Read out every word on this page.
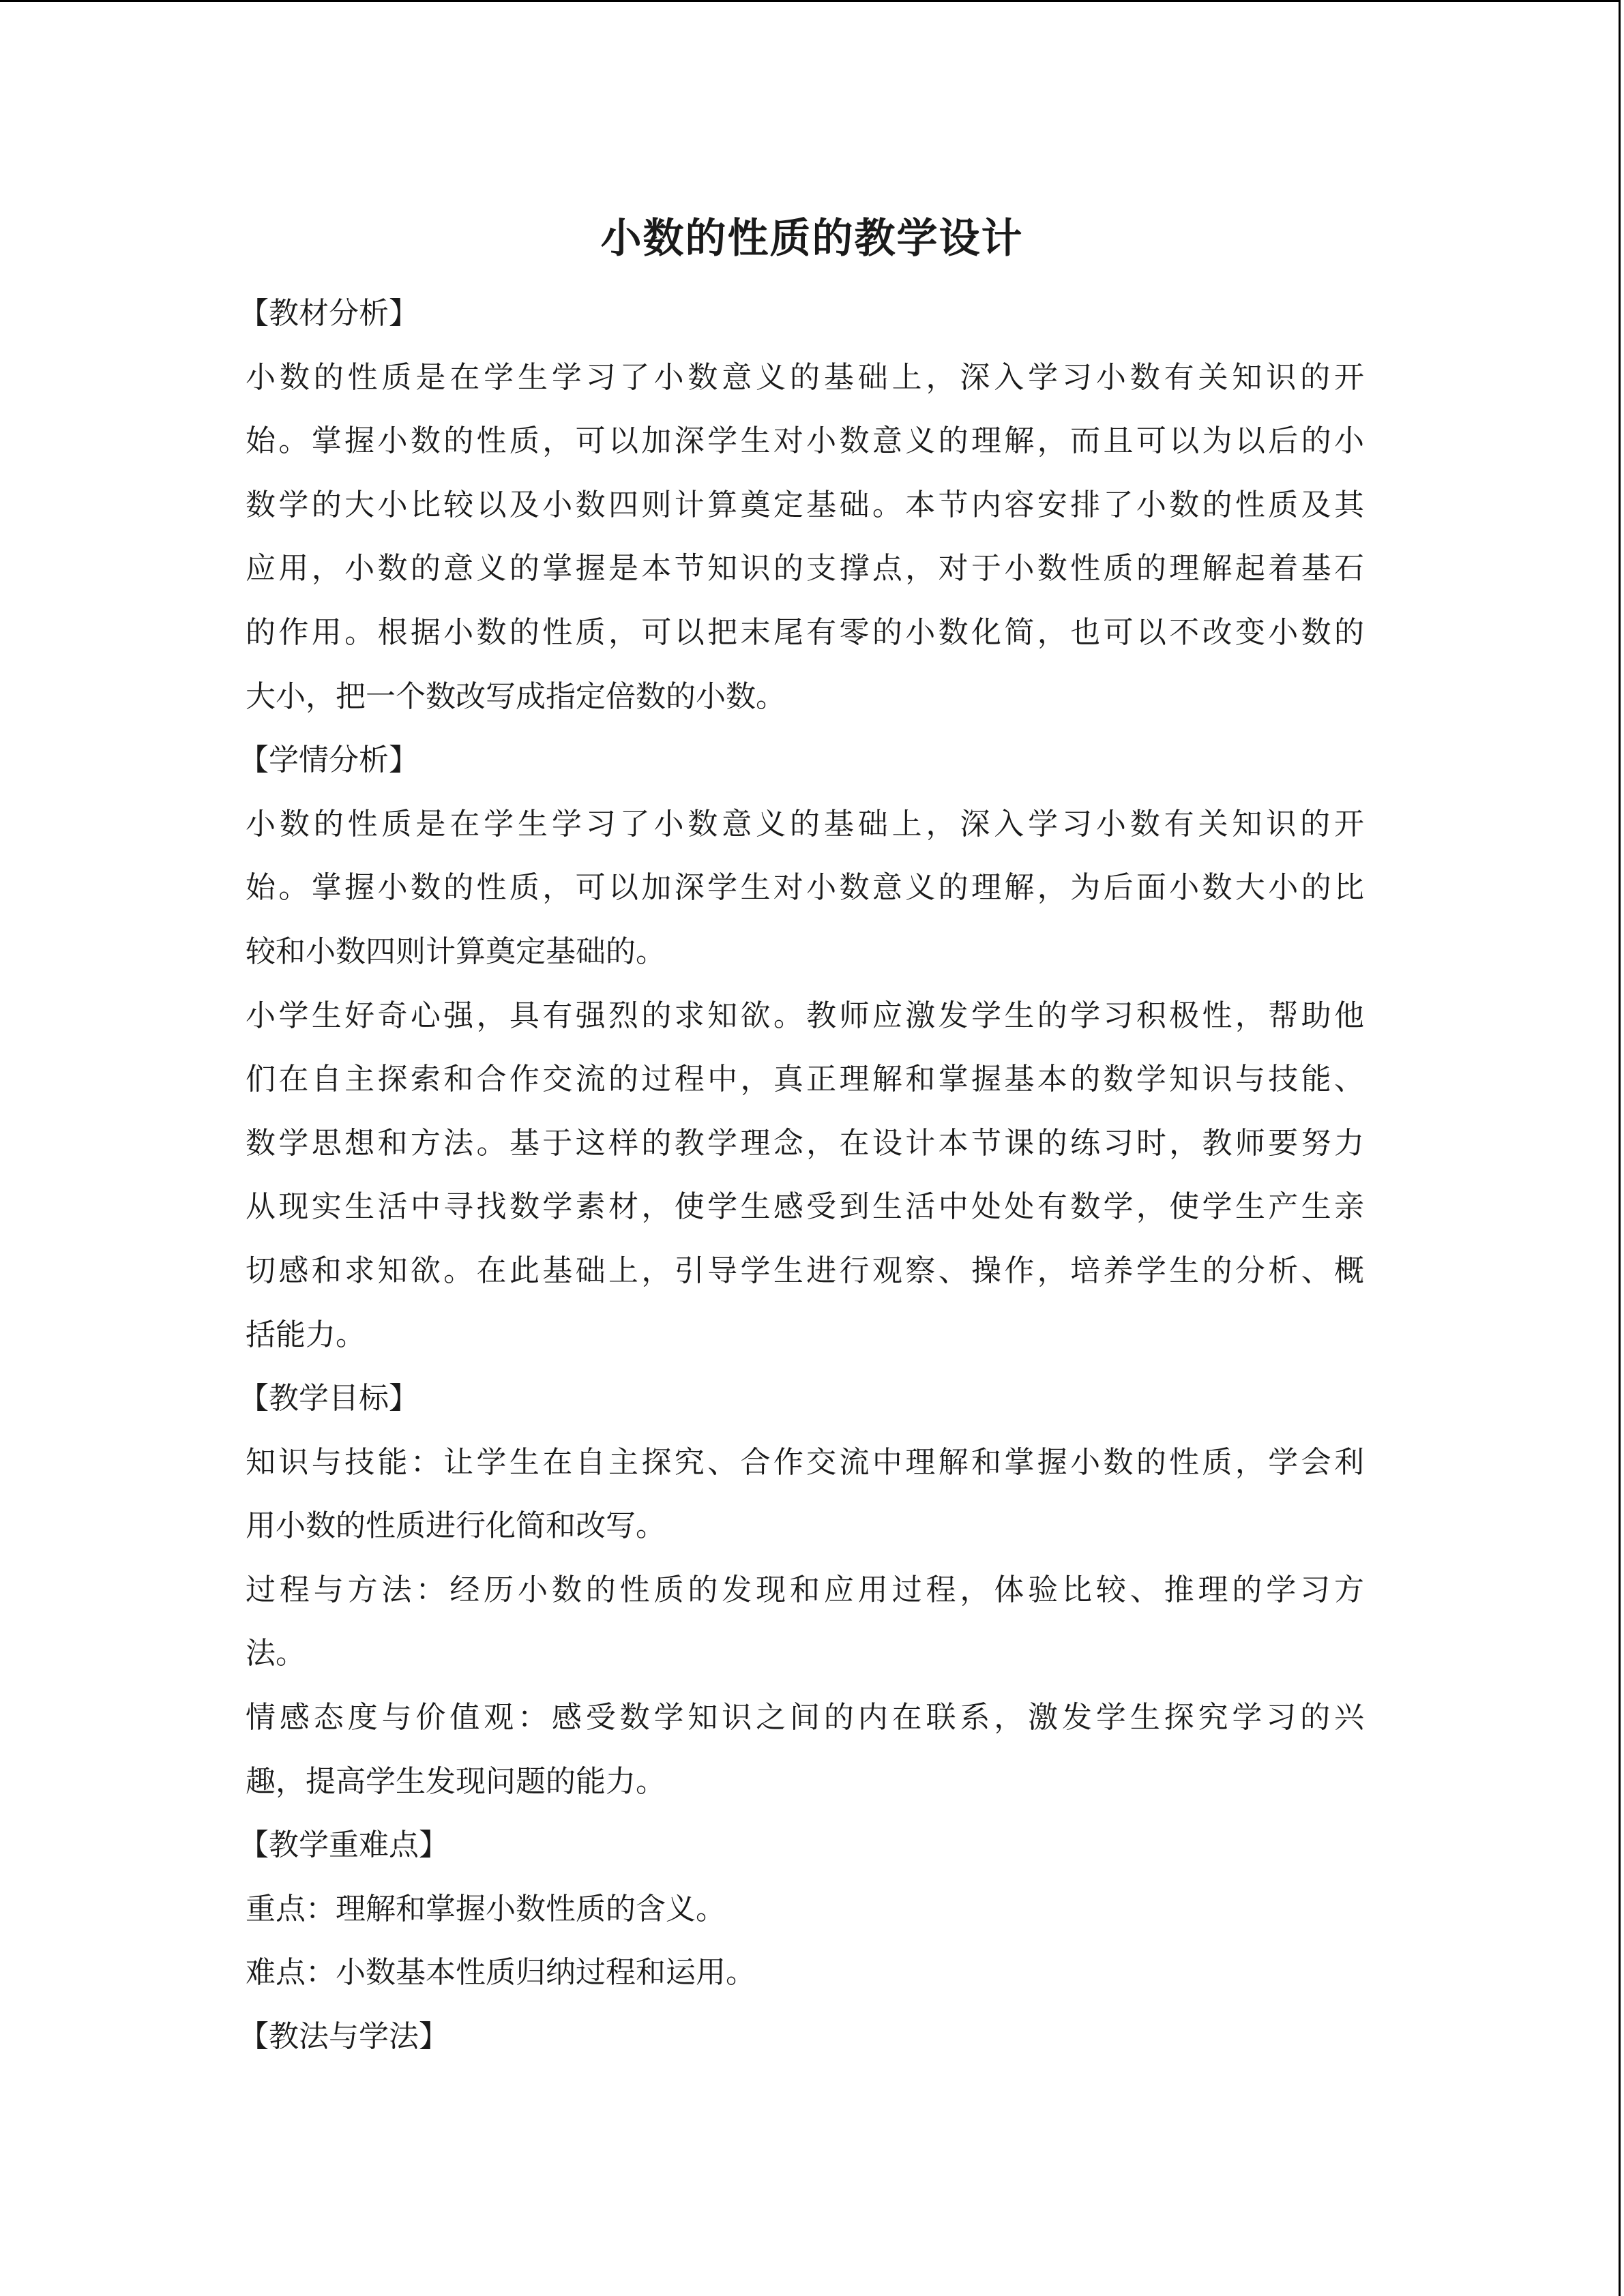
小数的性质的教学设计

【教材分析】

小数的性质是在学生学习了小数意义的基础上，深入学习小数有关知识的开

始。掌握小数的性质，可以加深学生对小数意义的理解，而且可以为以后的小

数学的大小比较以及小数四则计算奠定基础。本节内容安排了小数的性质及其

应用，小数的意义的掌握是本节知识的支撑点，对于小数性质的理解起着基石

的作用。根据小数的性质，可以把末尾有零的小数化简，也可以不改变小数的

大小，把一个数改写成指定倍数的小数。

【学情分析】

小数的性质是在学生学习了小数意义的基础上，深入学习小数有关知识的开

始。掌握小数的性质，可以加深学生对小数意义的理解，为后面小数大小的比

较和小数四则计算奠定基础的。

小学生好奇心强，具有强烈的求知欲。教师应激发学生的学习积极性，帮助他

们在自主探索和合作交流的过程中，真正理解和掌握基本的数学知识与技能、

数学思想和方法。基于这样的教学理念，在设计本节课的练习时，教师要努力

从现实生活中寻找数学素材，使学生感受到生活中处处有数学，使学生产生亲

切感和求知欲。在此基础上，引导学生进行观察、操作，培养学生的分析、概

括能力。

【教学目标】

知识与技能：让学生在自主探究、合作交流中理解和掌握小数的性质，学会利

用小数的性质进行化简和改写。

过程与方法：经历小数的性质的发现和应用过程，体验比较、推理的学习方

法。

情感态度与价值观：感受数学知识之间的内在联系，激发学生探究学习的兴

趣，提高学生发现问题的能力。

【教学重难点】

重点：理解和掌握小数性质的含义。

难点：小数基本性质归纳过程和运用。

【教法与学法】
